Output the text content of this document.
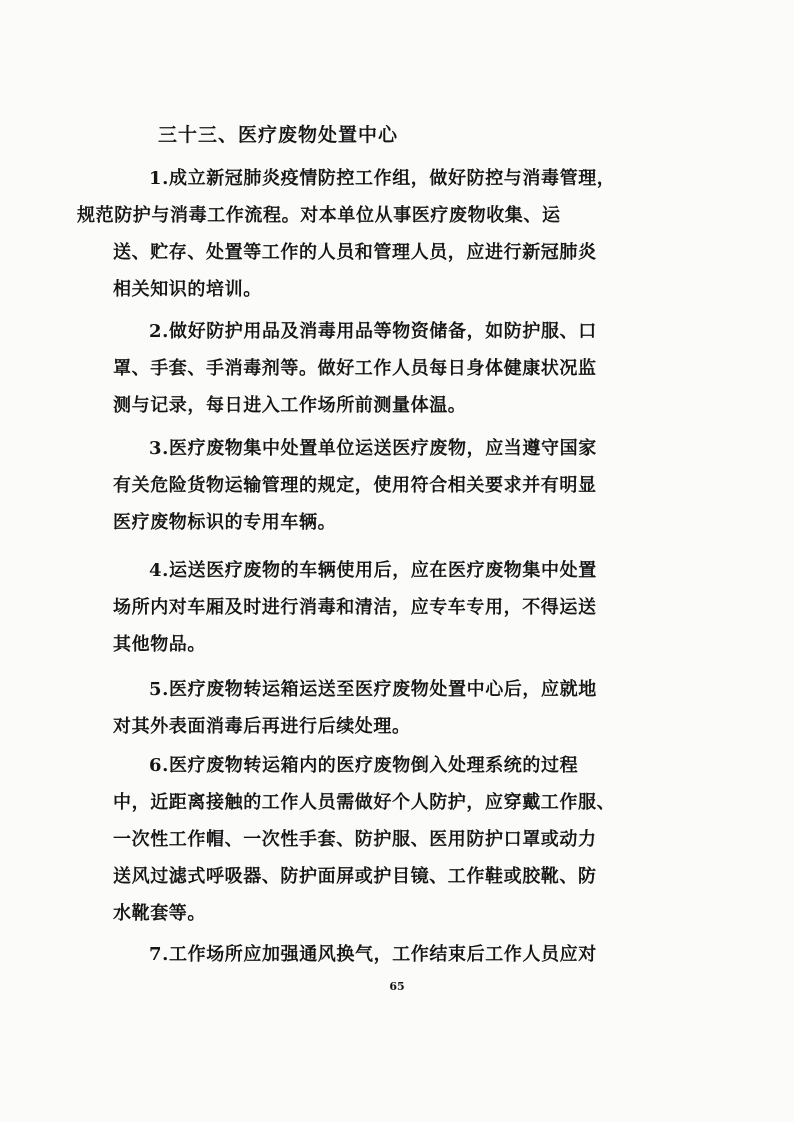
三十三、医疗废物处置中心

1.成立新冠肺炎疫情防控工作组，做好防控与消毒管理，
规范防护与消毒工作流程。对本单位从事医疗废物收集、运
送、贮存、处置等工作的人员和管理人员，应进行新冠肺炎
相关知识的培训。

2.做好防护用品及消毒用品等物资储备，如防护服、口
罩、手套、手消毒剂等。做好工作人员每日身体健康状况监
测与记录，每日进入工作场所前测量体温。

3.医疗废物集中处置单位运送医疗废物，应当遵守国家
有关危险货物运输管理的规定，使用符合相关要求并有明显
医疗废物标识的专用车辆。

4.运送医疗废物的车辆使用后，应在医疗废物集中处置
场所内对车厢及时进行消毒和清洁，应专车专用，不得运送
其他物品。

5.医疗废物转运箱运送至医疗废物处置中心后，应就地
对其外表面消毒后再进行后续处理。

6.医疗废物转运箱内的医疗废物倒入处理系统的过程
中，近距离接触的工作人员需做好个人防护，应穿戴工作服、
一次性工作帽、一次性手套、防护服、医用防护口罩或动力
送风过滤式呼吸器、防护面屏或护目镜、工作鞋或胶靴、防
水靴套等。

7.工作场所应加强通风换气，工作结束后工作人员应对

65
